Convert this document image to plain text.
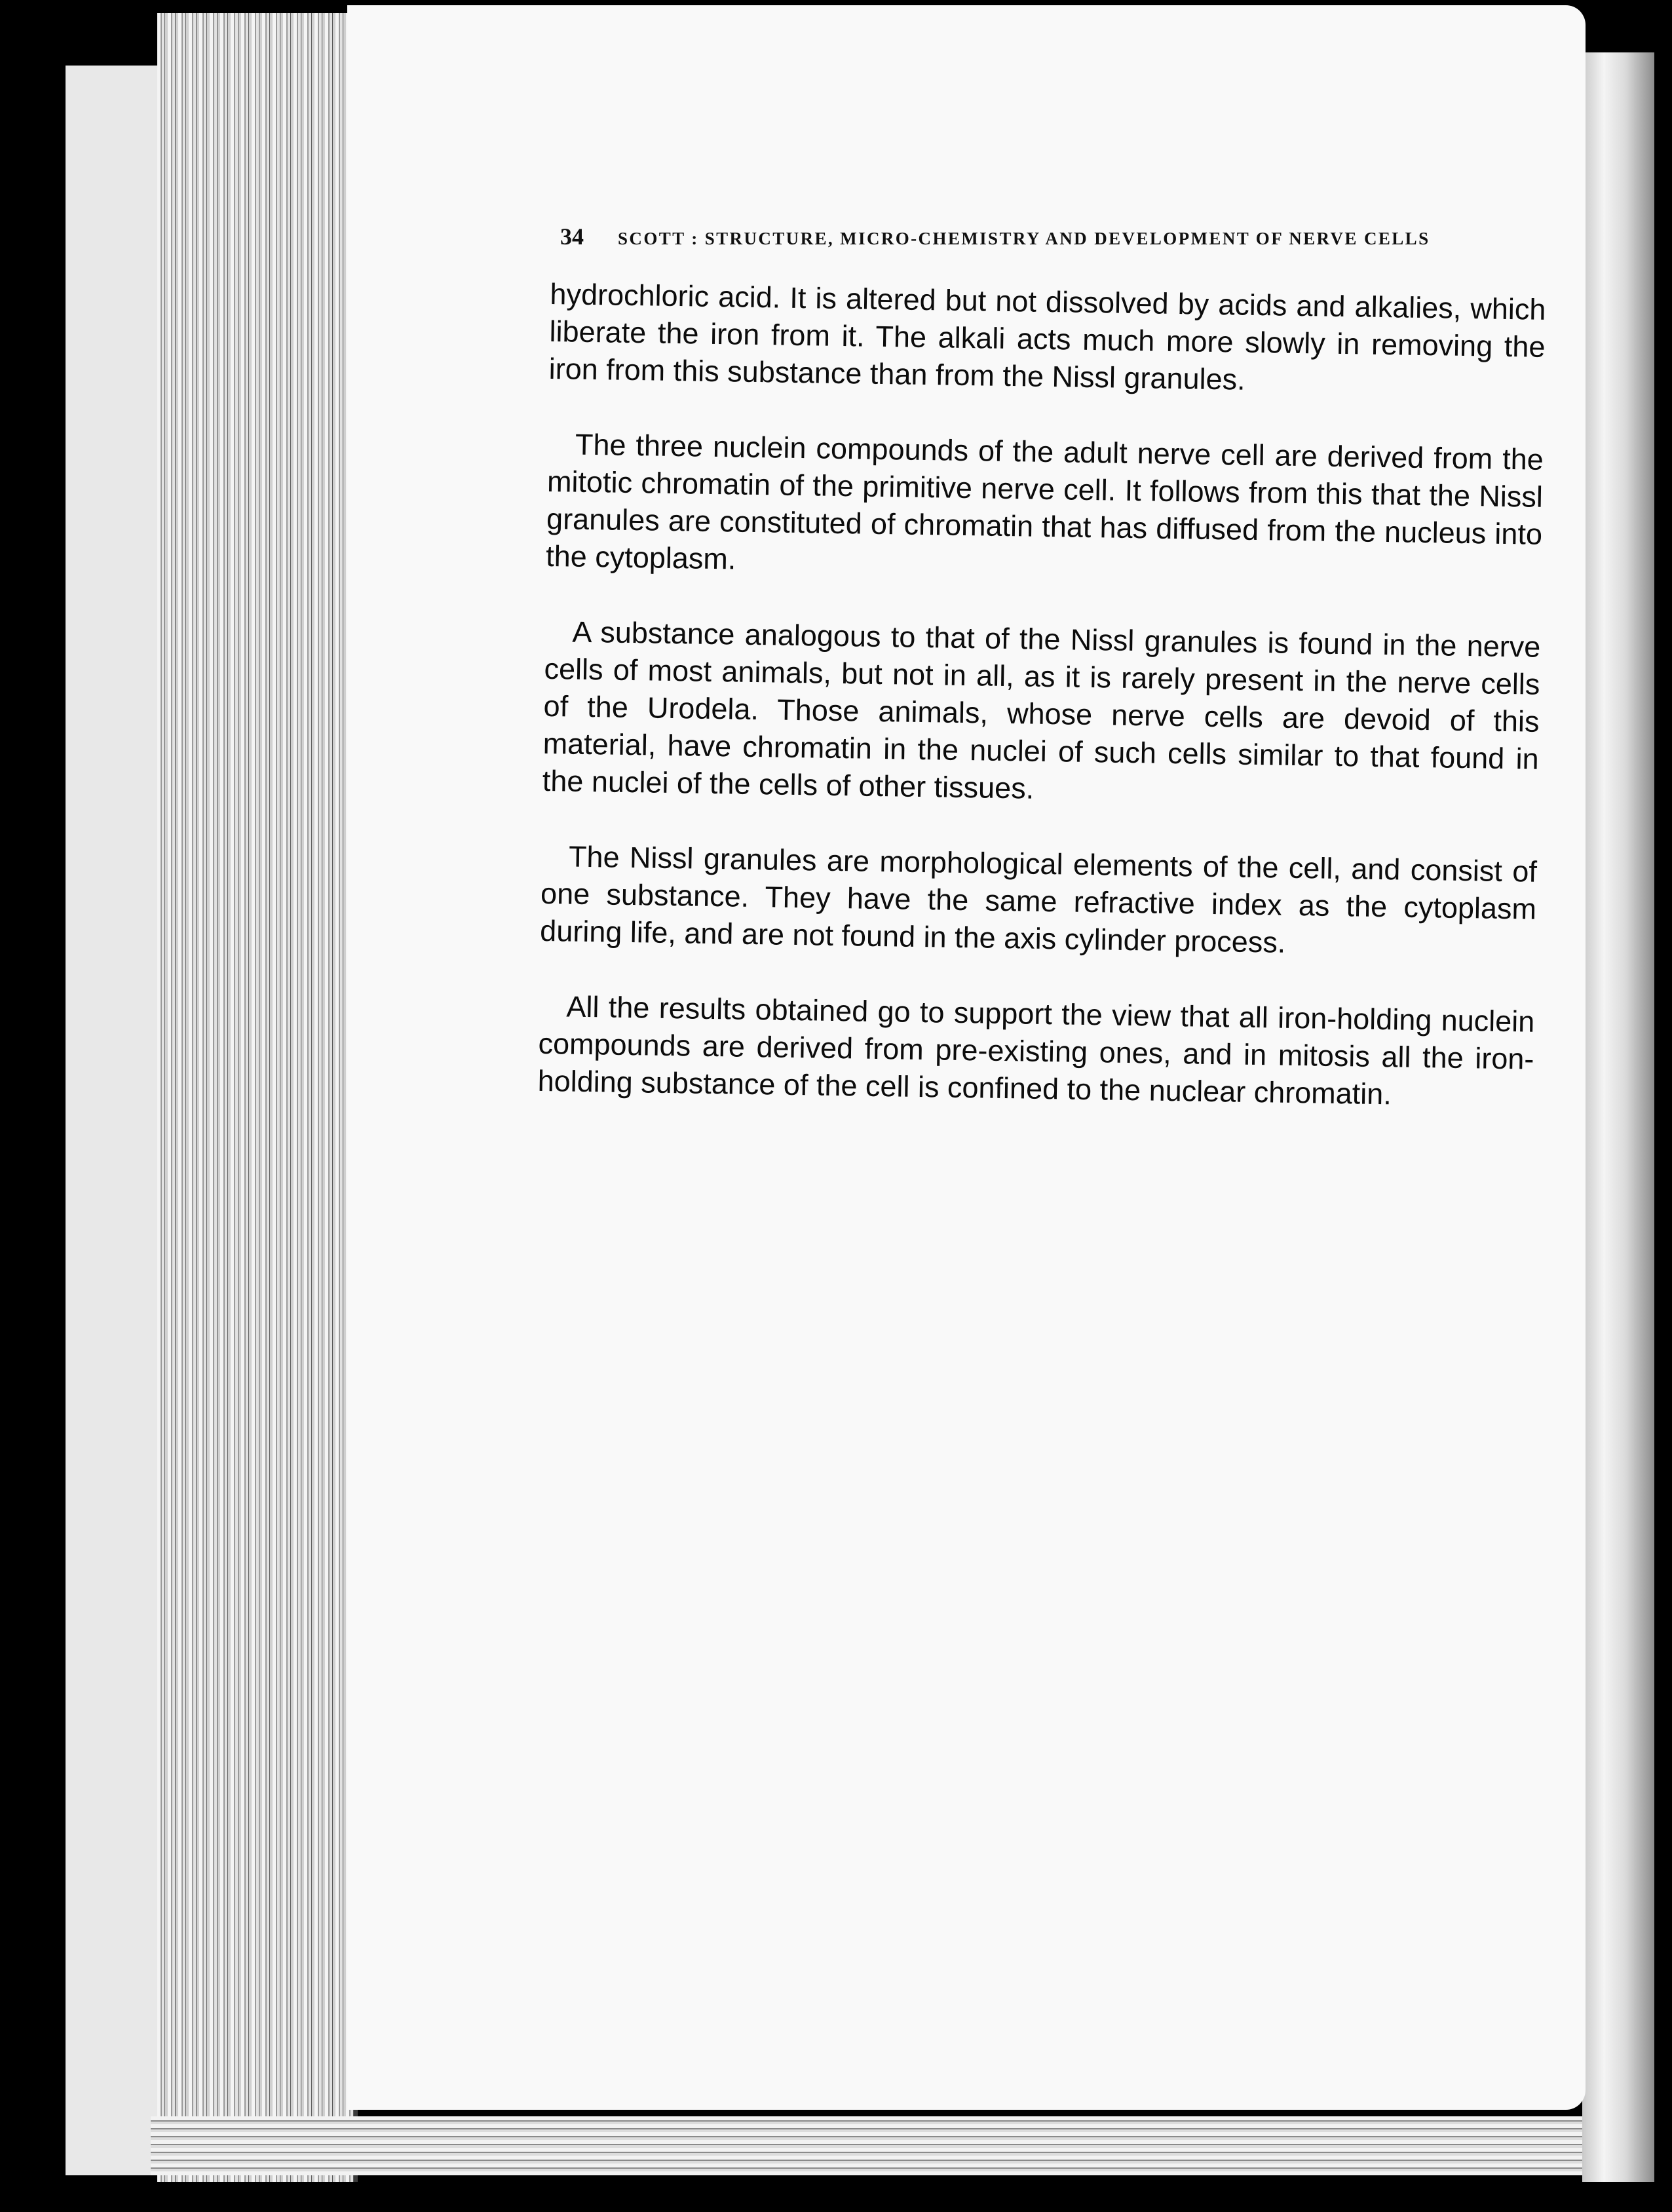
34 SCOTT : STRUCTURE, MICRO-CHEMISTRY AND DEVELOPMENT OF NERVE CELLS

hydrochloric acid. It is altered but not dissolved by acids and alkalies, which liberate the iron from it. The alkali acts much more slowly in removing the iron from this substance than from the Nissl granules.

The three nuclein compounds of the adult nerve cell are derived from the mitotic chromatin of the primitive nerve cell. It follows from this that the Nissl granules are constituted of chromatin that has diffused from the nucleus into the cytoplasm.

A substance analogous to that of the Nissl granules is found in the nerve cells of most animals, but not in all, as it is rarely present in the nerve cells of the Urodela. Those animals, whose nerve cells are devoid of this material, have chromatin in the nuclei of such cells similar to that found in the nuclei of the cells of other tissues.

The Nissl granules are morphological elements of the cell, and consist of one substance. They have the same refractive index as the cytoplasm during life, and are not found in the axis cylinder process.

All the results obtained go to support the view that all iron-holding nuclein compounds are derived from pre-existing ones, and in mitosis all the iron-holding substance of the cell is confined to the nuclear chromatin.
